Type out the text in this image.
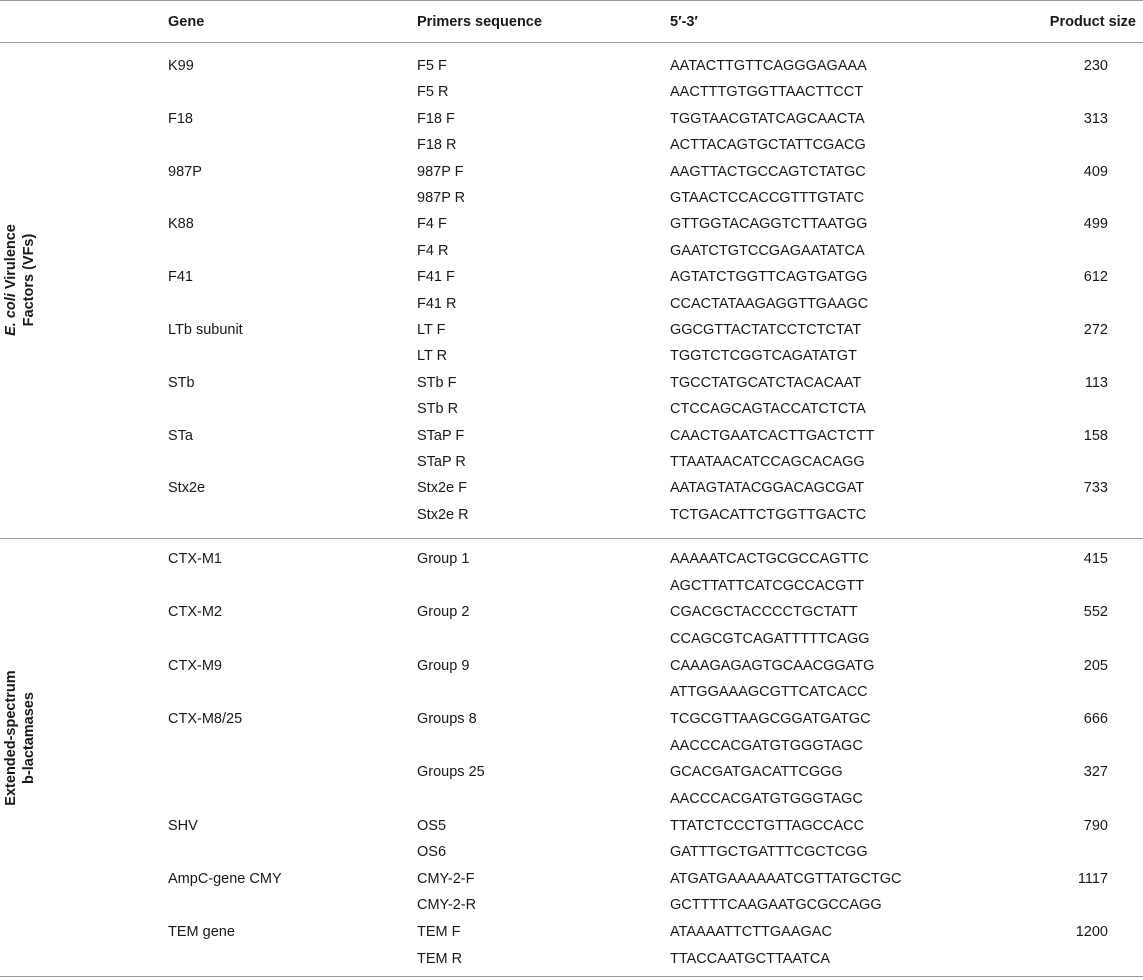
Gene	Primers sequence	5′-3′	Product size
E. coli Virulence Factors (VFs)
Extended-spectrum b-lactamases
K99	F5 F	AATACTTGTTCAGGGAGAAA	230
F5 R	AACTTTGTGGTTAACTTCCT
F18	F18 F	TGGTAACGTATCAGCAACTA	313
F18 R	ACTTACAGTGCTATTCGACG
987P	987P F	AAGTTACTGCCAGTCTATGC	409
987P R	GTAACTCCACCGTTTGTATC
K88	F4 F	GTTGGTACAGGTCTTAATGG	499
F4 R	GAATCTGTCCGAGAATATCA
F41	F41 F	AGTATCTGGTTCAGTGATGG	612
F41 R	CCACTATAAGAGGTTGAAGC
LTb subunit	LT F	GGCGTTACTATCCTCTCTAT	272
LT R	TGGTCTCGGTCAGATATGT
STb	STb F	TGCCTATGCATCTACACAAT	113
STb R	CTCCAGCAGTACCATCTCTA
STa	STaP F	CAACTGAATCACTTGACTCTT	158
STaP R	TTAATAACATCCAGCACAGG
Stx2e	Stx2e F	AATAGTATACGGACAGCGAT	733
Stx2e R	TCTGACATTCTGGTTGACTC
CTX-M1	Group 1	AAAAATCACTGCGCCAGTTC	415
AGCTTATTCATCGCCACGTT
CTX-M2	Group 2	CGACGCTACCCCTGCTATT	552
CCAGCGTCAGATTTTTCAGG
CTX-M9	Group 9	CAAAGAGAGTGCAACGGATG	205
ATTGGAAAGCGTTCATCACC
CTX-M8/25	Groups 8	TCGCGTTAAGCGGATGATGC	666
AACCCACGATGTGGGTAGC
Groups 25	GCACGATGACATTCGGG	327
AACCCACGATGTGGGTAGC
SHV	OS5	TTATCTCCCTGTTAGCCACC	790
OS6	GATTTGCTGATTTCGCTCGG
AmpC-gene CMY	CMY-2-F	ATGATGAAAAAATCGTTATGCTGC	1117
CMY-2-R	GCTTTTCAAGAATGCGCCAGG
TEM gene	TEM F	ATAAAATTCTTGAAGAC	1200
TEM R	TTACCAATGCTTAATCA
